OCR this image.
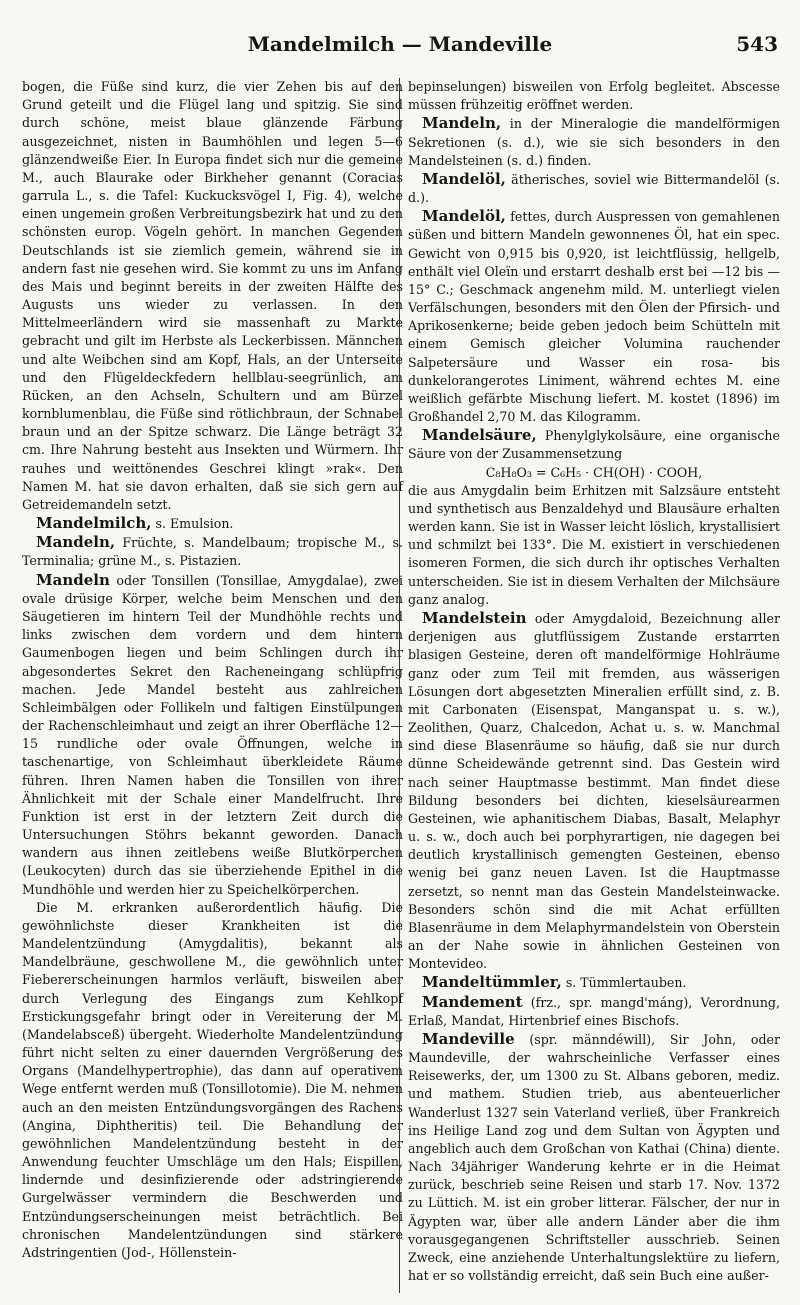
Mandelmilch — Mandeville	543

bogen, die Füße sind kurz, die vier Zehen bis auf den Grund geteilt und die Flügel lang und spitzig. Sie sind durch schöne, meist blaue glänzende Färbung ausgezeichnet, nisten in Baumhöhlen und legen 5—6 glänzendweiße Eier. In Europa findet sich nur die gemeine M., auch Blaurake oder Birkheher genannt (Coracias garrula L., s. die Tafel: Kuckucksvögel I, Fig. 4), welche einen ungemein großen Verbreitungsbezirk hat und zu den schönsten europ. Vögeln gehört. In manchen Gegenden Deutschlands ist sie ziemlich gemein, während sie in andern fast nie gesehen wird. Sie kommt zu uns im Anfang des Mais und beginnt bereits in der zweiten Hälfte des Augusts uns wieder zu verlassen. In den Mittelmeerländern wird sie massenhaft zu Markte gebracht und gilt im Herbste als Leckerbissen. Männchen und alte Weibchen sind am Kopf, Hals, an der Unterseite und den Flügeldeckfedern hellblau-seegrünlich, am Rücken, an den Achseln, Schultern und am Bürzel kornblumenblau, die Füße sind rötlichbraun, der Schnabel braun und an der Spitze schwarz. Die Länge beträgt 32 cm. Ihre Nahrung besteht aus Insekten und Würmern. Ihr rauhes und weittönendes Geschrei klingt »rak«. Den Namen M. hat sie davon erhalten, daß sie sich gern auf Getreidemandeln setzt.

Mandelmilch, s. Emulsion.

Mandeln, Früchte, s. Mandelbaum; tropische M., s. Terminalia; grüne M., s. Pistazien.

Mandeln oder Tonsillen (Tonsillae, Amygdalae), zwei ovale drüsige Körper, welche beim Menschen und den Säugetieren im hintern Teil der Mundhöhle rechts und links zwischen dem vordern und dem hintern Gaumenbogen liegen und beim Schlingen durch ihr abgesondertes Sekret den Racheneingang schlüpfrig machen. Jede Mandel besteht aus zahlreichen Schleimbälgen oder Follikeln und faltigen Einstülpungen der Rachenschleimhaut und zeigt an ihrer Oberfläche 12—15 rundliche oder ovale Öffnungen, welche in taschenartige, von Schleimhaut überkleidete Räume führen. Ihren Namen haben die Tonsillen von ihrer Ähnlichkeit mit der Schale einer Mandelfrucht. Ihre Funktion ist erst in der letztern Zeit durch die Untersuchungen Stöhrs bekannt geworden. Danach wandern aus ihnen zeitlebens weiße Blutkörperchen (Leukocyten) durch das sie überziehende Epithel in die Mundhöhle und werden hier zu Speichelkörperchen.

Die M. erkranken außerordentlich häufig. Die gewöhnlichste dieser Krankheiten ist die Mandelentzündung (Amygdalitis), bekannt als Mandelbräune, geschwollene M., die gewöhnlich unter Fiebererscheinungen harmlos verläuft, bisweilen aber durch Verlegung des Eingangs zum Kehlkopf Erstickungsgefahr bringt oder in Vereiterung der M. (Mandelabsceß) übergeht. Wiederholte Mandelentzündung führt nicht selten zu einer dauernden Vergrößerung des Organs (Mandelhypertrophie), das dann auf operativem Wege entfernt werden muß (Tonsillotomie). Die M. nehmen auch an den meisten Entzündungsvorgängen des Rachens (Angina, Diphtheritis) teil. Die Behandlung der gewöhnlichen Mandelentzündung besteht in der Anwendung feuchter Umschläge um den Hals; Eispillen, lindernde und desinfizierende oder adstringierende Gurgelwässer vermindern die Beschwerden und Entzündungserscheinungen meist beträchtlich. Bei chronischen Mandelentzündungen sind stärkere Adstringentien (Jod-, Höllenstein-

bepinselungen) bisweilen von Erfolg begleitet. Abscesse müssen frühzeitig eröffnet werden.

Mandeln, in der Mineralogie die mandelförmigen Sekretionen (s. d.), wie sie sich besonders in den Mandelsteinen (s. d.) finden.

Mandelöl, ätherisches, soviel wie Bittermandelöl (s. d.).

Mandelöl, fettes, durch Auspressen von gemahlenen süßen und bittern Mandeln gewonnenes Öl, hat ein spec. Gewicht von 0,915 bis 0,920, ist leichtflüssig, hellgelb, enthält viel Oleïn und erstarrt deshalb erst bei —12 bis —15° C.; Geschmack angenehm mild. M. unterliegt vielen Verfälschungen, besonders mit den Ölen der Pfirsich- und Aprikosenkerne; beide geben jedoch beim Schütteln mit einem Gemisch gleicher Volumina rauchender Salpetersäure und Wasser ein rosa- bis dunkelorangerotes Liniment, während echtes M. eine weißlich gefärbte Mischung liefert. M. kostet (1896) im Großhandel 2,70 M. das Kilogramm.

Mandelsäure, Phenylglykolsäure, eine organische Säure von der Zusammensetzung

C₈H₈O₃ = C₆H₅ · CH(OH) · COOH,

die aus Amygdalin beim Erhitzen mit Salzsäure entsteht und synthetisch aus Benzaldehyd und Blausäure erhalten werden kann. Sie ist in Wasser leicht löslich, krystallisiert und schmilzt bei 133°. Die M. existiert in verschiedenen isomeren Formen, die sich durch ihr optisches Verhalten unterscheiden. Sie ist in diesem Verhalten der Milchsäure ganz analog.

Mandelstein oder Amygdaloid, Bezeichnung aller derjenigen aus glutflüssigem Zustande erstarrten blasigen Gesteine, deren oft mandelförmige Hohlräume ganz oder zum Teil mit fremden, aus wässerigen Lösungen dort abgesetzten Mineralien erfüllt sind, z. B. mit Carbonaten (Eisenspat, Manganspat u. s. w.), Zeolithen, Quarz, Chalcedon, Achat u. s. w. Manchmal sind diese Blasenräume so häufig, daß sie nur durch dünne Scheidewände getrennt sind. Das Gestein wird nach seiner Hauptmasse bestimmt. Man findet diese Bildung besonders bei dichten, kieselsäurearmen Gesteinen, wie aphanitischem Diabas, Basalt, Melaphyr u. s. w., doch auch bei porphyrartigen, nie dagegen bei deutlich krystallinisch gemengten Gesteinen, ebenso wenig bei ganz neuen Laven. Ist die Hauptmasse zersetzt, so nennt man das Gestein Mandelsteinwacke. Besonders schön sind die mit Achat erfüllten Blasenräume in dem Melaphyrmandelstein von Oberstein an der Nahe sowie in ähnlichen Gesteinen von Montevideo.

Mandeltümmler, s. Tümmlertauben.

Mandement (frz., spr. mangd'máng), Verordnung, Erlaß, Mandat, Hirtenbrief eines Bischofs.

Mandeville (spr. männdéwill), Sir John, oder Maundeville, der wahrscheinliche Verfasser eines Reisewerks, der, um 1300 zu St. Albans geboren, mediz. und mathem. Studien trieb, aus abenteuerlicher Wanderlust 1327 sein Vaterland verließ, über Frankreich ins Heilige Land zog und dem Sultan von Ägypten und angeblich auch dem Großchan von Kathai (China) diente. Nach 34jähriger Wanderung kehrte er in die Heimat zurück, beschrieb seine Reisen und starb 17. Nov. 1372 zu Lüttich. M. ist ein grober litterar. Fälscher, der nur in Ägypten war, über alle andern Länder aber die ihm vorausgegangenen Schriftsteller ausschrieb. Seinen Zweck, eine anziehende Unterhaltungslektüre zu liefern, hat er so vollständig erreicht, daß sein Buch eine außer-
